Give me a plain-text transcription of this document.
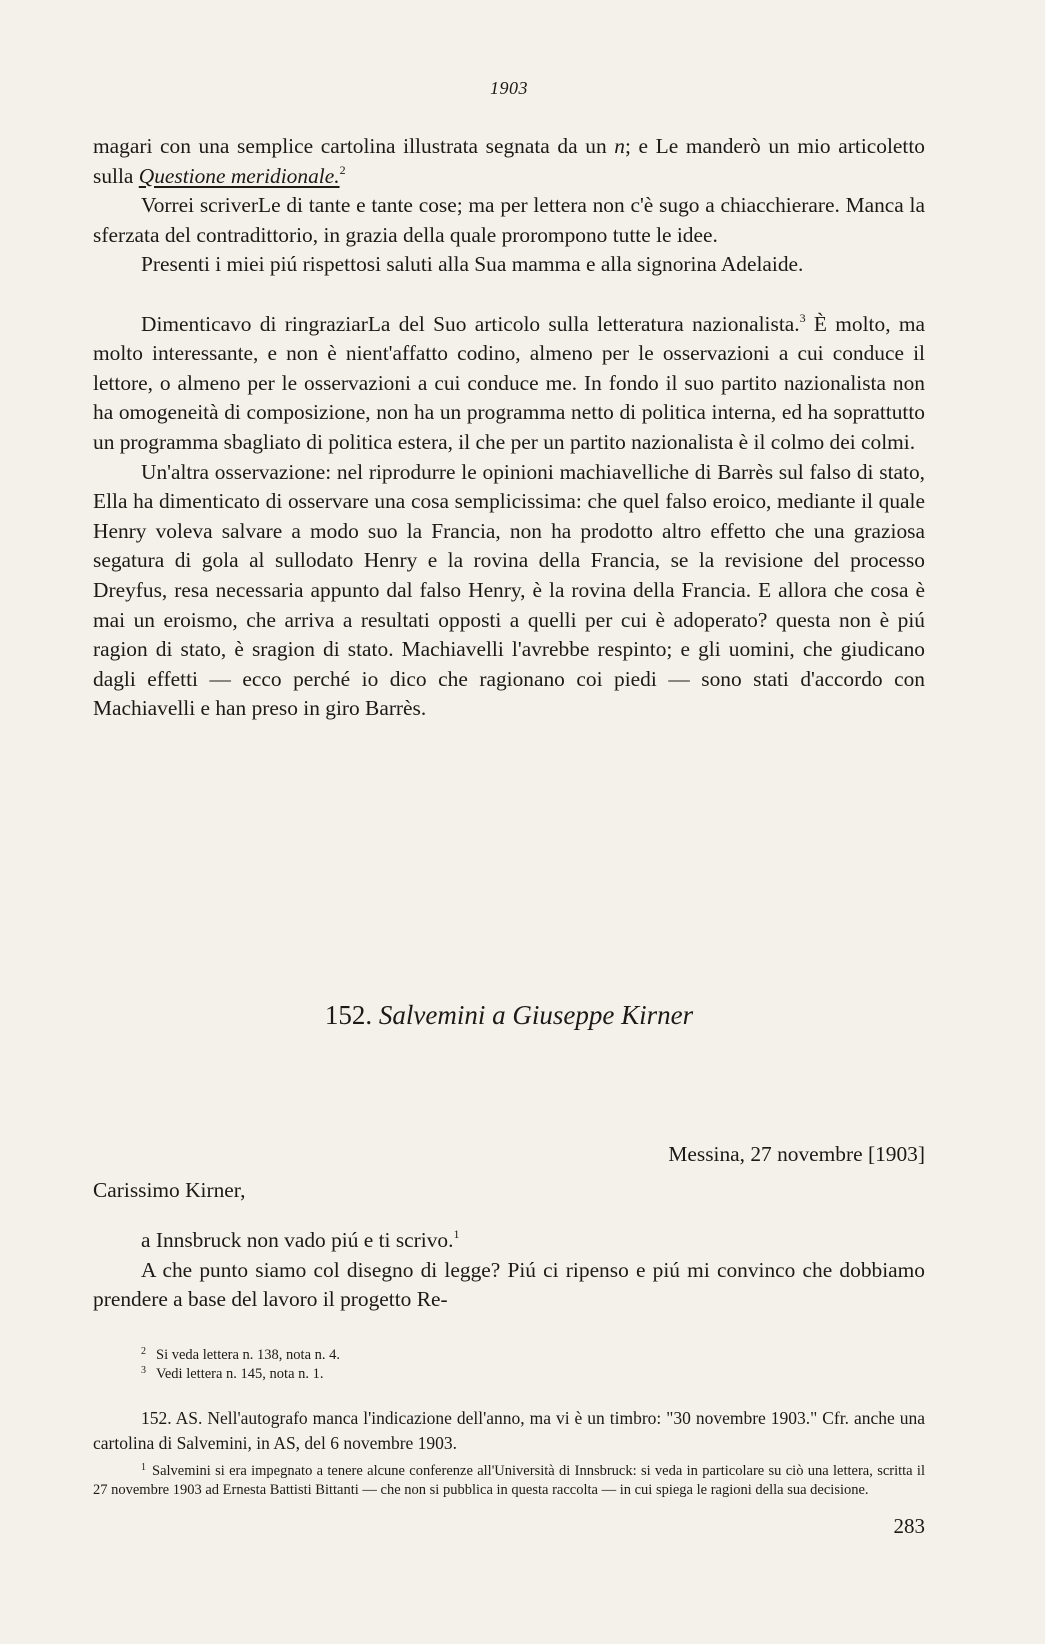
1903

magari con una semplice cartolina illustrata segnata da un n; e Le manderò un mio articoletto sulla Questione meridionale.$^2$

Vorrei scriverLe di tante e tante cose; ma per lettera non c'è sugo a chiacchierare. Manca la sferzata del contradittorio, in grazia della quale prorompono tutte le idee.

Presenti i miei piú rispettosi saluti alla Sua mamma e alla signorina Adelaide.

Dimenticavo di ringraziarLa del Suo articolo sulla letteratura nazionalista.$^3$ È molto, ma molto interessante, e non è nient'affatto codino, almeno per le osservazioni a cui conduce il lettore, o almeno per le osservazioni a cui conduce me. In fondo il suo partito nazionalista non ha omogeneità di composizione, non ha un programma netto di politica interna, ed ha soprattutto un programma sbagliato di politica estera, il che per un partito nazionalista è il colmo dei colmi.

Un'altra osservazione: nel riprodurre le opinioni machiavelliche di Barrès sul falso di stato, Ella ha dimenticato di osservare una cosa semplicissima: che quel falso eroico, mediante il quale Henry voleva salvare a modo suo la Francia, non ha prodotto altro effetto che una graziosa segatura di gola al sullodato Henry e la rovina della Francia, se la revisione del processo Dreyfus, resa necessaria appunto dal falso Henry, è la rovina della Francia. E allora che cosa è mai un eroismo, che arriva a resultati opposti a quelli per cui è adoperato? questa non è piú ragion di stato, è sragion di stato. Machiavelli l'avrebbe respinto; e gli uomini, che giudicano dagli effetti — ecco perché io dico che ragionano coi piedi — sono stati d'accordo con Machiavelli e han preso in giro Barrès.

152. Salvemini a Giuseppe Kirner
Messina, 27 novembre [1903]
Carissimo Kirner,

a Innsbruck non vado piú e ti scrivo.$^1$

A che punto siamo col disegno di legge? Piú ci ripenso e piú mi convinco che dobbiamo prendere a base del lavoro il progetto Re-

$^2$ Si veda lettera n. 138, nota n. 4.

$^3$ Vedi lettera n. 145, nota n. 1.

152. AS. Nell'autografo manca l'indicazione dell'anno, ma vi è un timbro: "30 novembre 1903." Cfr. anche una cartolina di Salvemini, in AS, del 6 novembre 1903.

$^1$ Salvemini si era impegnato a tenere alcune conferenze all'Università di Innsbruck: si veda in particolare su ciò una lettera, scritta il 27 novembre 1903 ad Ernesta Battisti Bittanti — che non si pubblica in questa raccolta — in cui spiega le ragioni della sua decisione.

283
